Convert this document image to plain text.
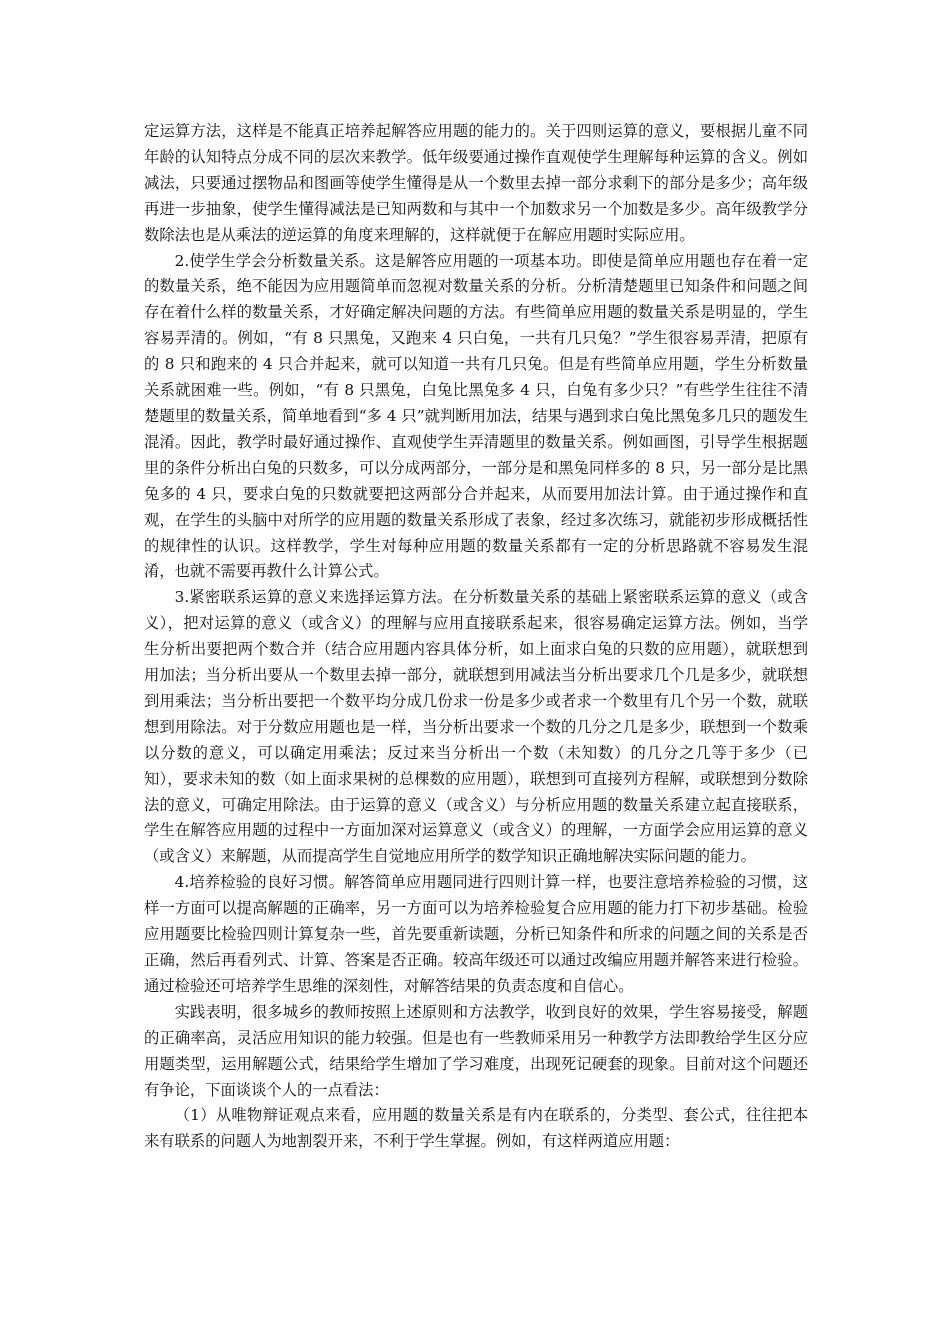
定运算方法，这样是不能真正培养起解答应用题的能力的。关于四则运算的意义，要根据儿童不同年龄的认知特点分成不同的层次来教学。低年级要通过操作直观使学生理解每种运算的含义。例如减法，只要通过摆物品和图画等使学生懂得是从一个数里去掉一部分求剩下的部分是多少；高年级再进一步抽象，使学生懂得减法是已知两数和与其中一个加数求另一个加数是多少。高年级教学分数除法也是从乘法的逆运算的角度来理解的，这样就便于在解应用题时实际应用。

2.使学生学会分析数量关系。这是解答应用题的一项基本功。即使是简单应用题也存在着一定的数量关系，绝不能因为应用题简单而忽视对数量关系的分析。分析清楚题里已知条件和问题之间存在着什么样的数量关系，才好确定解决问题的方法。有些简单应用题的数量关系是明显的，学生容易弄清的。例如，“有 8 只黑兔，又跑来 4 只白兔，一共有几只兔？”学生很容易弄清，把原有的 8 只和跑来的 4 只合并起来，就可以知道一共有几只兔。但是有些简单应用题，学生分析数量关系就困难一些。例如，“有 8 只黑兔，白兔比黑兔多 4 只，白兔有多少只？”有些学生往往不清楚题里的数量关系，简单地看到“多 4 只”就判断用加法，结果与遇到求白兔比黑兔多几只的题发生混淆。因此，教学时最好通过操作、直观使学生弄清题里的数量关系。例如画图，引导学生根据题里的条件分析出白兔的只数多，可以分成两部分，一部分是和黑兔同样多的 8 只，另一部分是比黑兔多的 4 只，要求白兔的只数就要把这两部分合并起来，从而要用加法计算。由于通过操作和直观，在学生的头脑中对所学的应用题的数量关系形成了表象，经过多次练习，就能初步形成概括性的规律性的认识。这样教学，学生对每种应用题的数量关系都有一定的分析思路就不容易发生混淆，也就不需要再教什么计算公式。

3.紧密联系运算的意义来选择运算方法。在分析数量关系的基础上紧密联系运算的意义（或含义），把对运算的意义（或含义）的理解与应用直接联系起来，很容易确定运算方法。例如，当学生分析出要把两个数合并（结合应用题内容具体分析，如上面求白兔的只数的应用题），就联想到用加法；当分析出要从一个数里去掉一部分，就联想到用减法当分析出要求几个几是多少，就联想到用乘法；当分析出要把一个数平均分成几份求一份是多少或者求一个数里有几个另一个数，就联想到用除法。对于分数应用题也是一样，当分析出要求一个数的几分之几是多少，联想到一个数乘以分数的意义，可以确定用乘法；反过来当分析出一个数（未知数）的几分之几等于多少（已知），要求未知的数（如上面求果树的总棵数的应用题），联想到可直接列方程解，或联想到分数除法的意义，可确定用除法。由于运算的意义（或含义）与分析应用题的数量关系建立起直接联系，学生在解答应用题的过程中一方面加深对运算意义（或含义）的理解，一方面学会应用运算的意义（或含义）来解题，从而提高学生自觉地应用所学的数学知识正确地解决实际问题的能力。

4.培养检验的良好习惯。解答简单应用题同进行四则计算一样，也要注意培养检验的习惯，这样一方面可以提高解题的正确率，另一方面可以为培养检验复合应用题的能力打下初步基础。检验应用题要比检验四则计算复杂一些，首先要重新读题，分析已知条件和所求的问题之间的关系是否正确，然后再看列式、计算、答案是否正确。较高年级还可以通过改编应用题并解答来进行检验。通过检验还可培养学生思维的深刻性，对解答结果的负责态度和自信心。

实践表明，很多城乡的教师按照上述原则和方法教学，收到良好的效果，学生容易接受，解题的正确率高，灵活应用知识的能力较强。但是也有一些教师采用另一种教学方法即教给学生区分应用题类型，运用解题公式，结果给学生增加了学习难度，出现死记硬套的现象。目前对这个问题还有争论，下面谈谈个人的一点看法：

（1）从唯物辩证观点来看，应用题的数量关系是有内在联系的，分类型、套公式，往往把本来有联系的问题人为地割裂开来，不利于学生掌握。例如，有这样两道应用题：
